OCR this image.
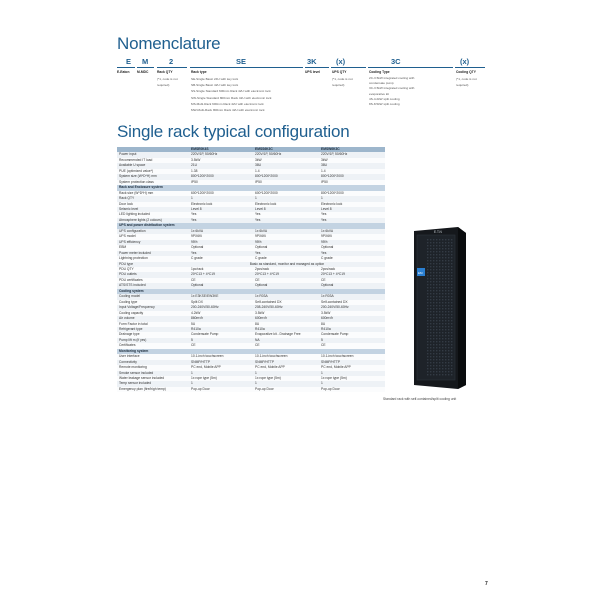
Nomenclature
E M	2	SE	3K	(x)	3C	(x)
E-Eaton M-MDC	Rack QTY	Rack type	UPS level	UPS QTY	Cooling Type	Cooling QTY
(*1, code is not
required)
SE-Single Basic 24U with key lock
SB-Single Basic 42U with key lock
SS-Single Standard 600mm Rack 42U with electronic lock
SW-Single Standard 800mm Rack 42U with electronic lock
MS-Multi-Rack 600mm Rack 42U with electronic lock
MW-Multi-Rack 800mm Rack 42U with electronic lock
(*1, code is not
required)
2C-3.5kW integrated cooling with
condensate pump
3C-3.5kW integrated cooling with
evaporative kit
4S-4.2kW split cooling
8S-8.5kW split cooling
(*1, code is not
required)
Single rack typical configuration
	EMSE0K4S	EMSS6K3C	EMSW6K3C
Power input	220V/1P, 50/60Hz	220V/1P, 50/60Hz	220V/1P, 50/60Hz
Recommended IT load	3.5kW	3kW	3kW
Available U space	21U	38U	38U
PUE (optimized value*)	1.38	1.4	1.4
System size (W*D*H) mm	800*1200*2000	800*1200*2000	800*1200*2000
System protection class	IP50	IP50	IP50
Rack and Enclosure system			
Rack size (W*D*H) mm	600*1200*2000	600*1200*2000	800*1200*2000
Rack QTY	1	1	1
Door lock	Electronic lock	Electronic lock	Electronic lock
Seismic level	Level 8	Level 8	Level 8
LED lighting included	Yes	Yes	Yes
Atmosphere lights (2 colours)	Yes	Yes	Yes
UPS and power distribution system			
UPS configuration	1x 6kVA	1x 6kVA	1x 6kVA
UPS model	9PX6Ki	9PX6Ki	9PX6Ki
UPS efficiency	95%	95%	95%
EBM	Optional	Optional	Optional
Power meter included	Yes	Yes	Yes
Lightning protection	C grade	C grade	C grade
PDU type	Basic as standard, monitor and managed as option		
PDU QTY	1pc/rack	2pcs/rack	2pcs/rack
PDU outlets	20*C13 + 4*C19	20*C13 + 4*C19	20*C13 + 4*C19
PDU certificates	CE	CE	CE
ATS/STS included	Optional	Optional	Optional
Cooling system			
Cooling model	1x E3KSE/EW3KE	1x R03A	1x R03A
Cooling type	Split DX	Self-contained DX	Self-contained DX
Input Voltage/Frequency	200-240V/50-60Hz	208-240V/50-60Hz	200-240V/50-60Hz
Cooling capacity	4.2kW	3.5kW	3.5kW
Air volume	860m³/h	600m³/h	600m³/h
Form Factor in total	5U	8U	8U
Refrigerant type	R410a	R410a	R410a
Drainage type	Condensate Pump	Evaporative kit - Drainage Free	Condensate Pump
Pump lift m (if yes)	5	NA	5
Certificates	CE	CE	CE
Monitoring system			
User interface	10.1-inch touchscreen	10.1-inch touchscreen	10.1-inch touchscreen
Connectivity	SNMP/HTTP	SNMP/HTTP	SNMP/HTTP
Remote monitoring	PC end, Mobile APP	PC end, Mobile APP	PC end, Mobile APP
Smoke sensor included	1	1	1
Water leakage sensor included	1x rope type (5m)	1x rope type (5m)	1x rope type (5m)
Temp sensor included	1	1	1
Emergency plan (fire/high temp)	Pop-up Door	Pop-up Door	Pop-up Door
EM
E.T.N
Standard rack with self-contained/split cooling unit
7
